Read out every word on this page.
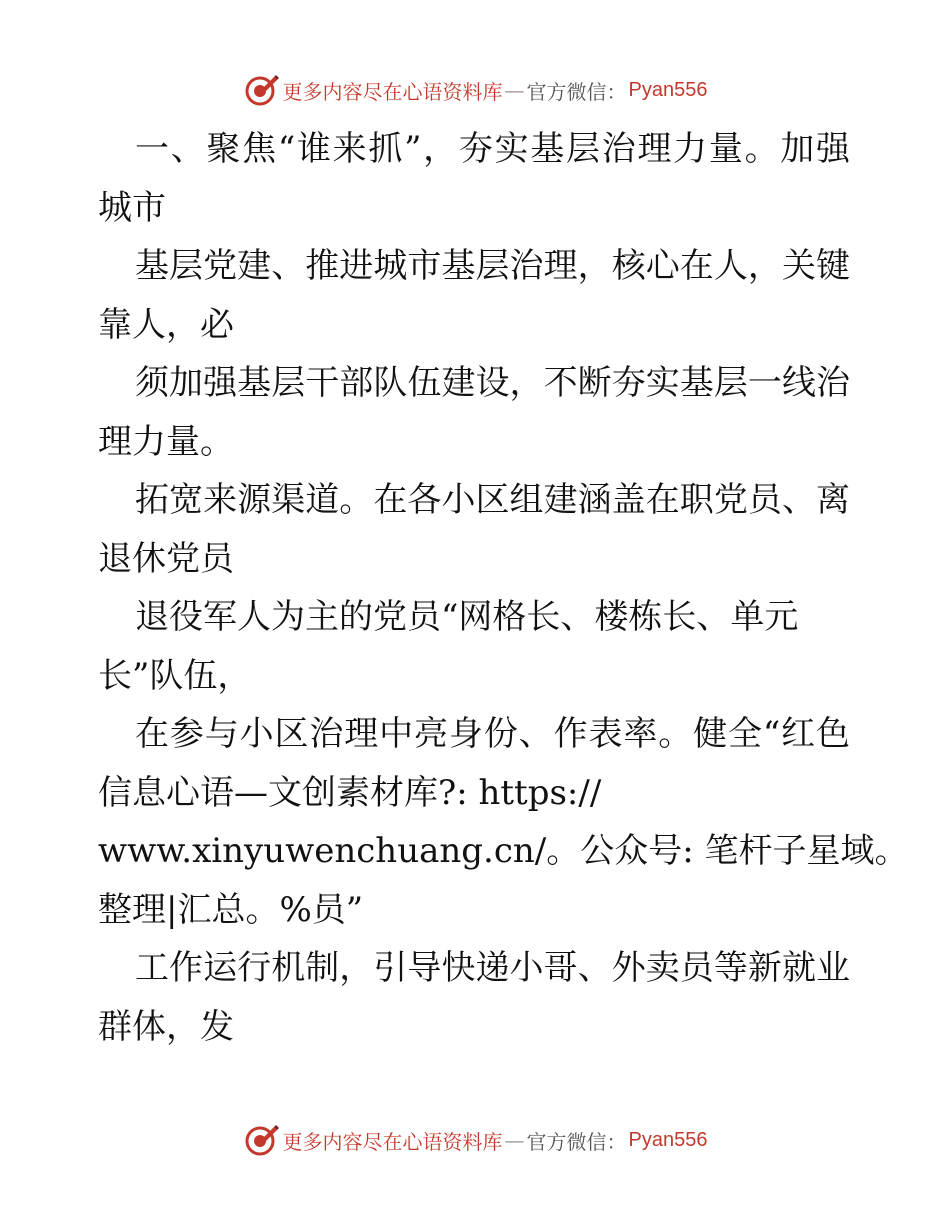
更多内容尽在心语资料库 — 官方微信： Pyan556
一、聚焦“谁来抓”，夯实基层治理力量。加强
城市
基层党建、推进城市基层治理，核心在人，关键
靠人，必
须加强基层干部队伍建设，不断夯实基层一线治
理力量。
拓宽来源渠道。在各小区组建涵盖在职党员、离
退休党员
退役军人为主的党员“网格长、楼栋长、单元
长”队伍，
在参与小区治理中亮身份、作表率。健全“红色
信息心语—文创素材库?: https://
www.xinyuwenchuang.cn/。公众号: 笔杆子星域。
整理|汇总。%员”
工作运行机制，引导快递小哥、外卖员等新就业
群体，发
更多内容尽在心语资料库 — 官方微信： Pyan556
